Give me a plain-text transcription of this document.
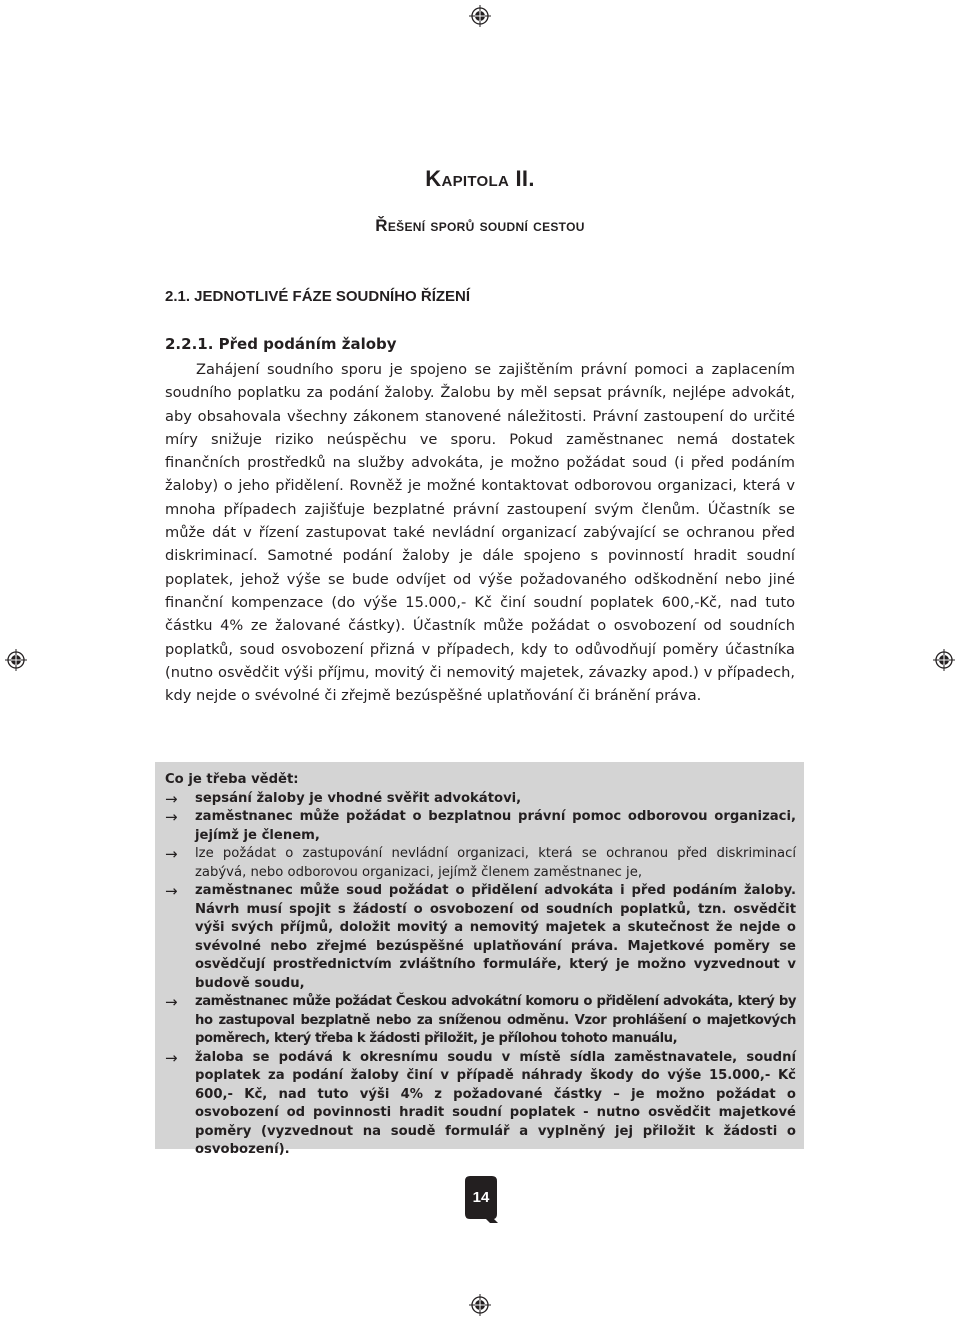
Kapitola II.
Řešení sporů soudní cestou
2.1. JEDNOTLIVÉ FÁZE SOUDNÍHO ŘÍZENÍ
2.2.1. Před podáním žaloby
Zahájení soudního sporu je spojeno se zajištěním právní pomoci a zaplacením soudního poplatku za podání žaloby. Žalobu by měl sepsat právník, nejlépe advokát, aby obsahovala všechny zákonem stanovené náležitosti. Právní zastoupení do určité míry snižuje riziko neúspěchu ve sporu. Pokud zaměstnanec nemá dostatek finančních prostředků na služby advokáta, je možno požádat soud (i před podáním žaloby) o jeho přidělení. Rovněž je možné kontaktovat odborovou organizaci, která v mnoha případech zajišťuje bezplatné právní zastoupení svým členům. Účastník se může dát v řízení zastupovat také nevládní organizací zabývající se ochranou před diskriminací. Samotné podání žaloby je dále spojeno s povinností hradit soudní poplatek, jehož výše se bude odvíjet od výše požadovaného odškodnění nebo jiné finanční kompenzace (do výše 15.000,- Kč činí soudní poplatek 600,-Kč, nad tuto částku 4% ze žalované částky). Účastník může požádat o osvobození od soudních poplatků, soud osvobození přizná v případech, kdy to odůvodňují poměry účastníka (nutno osvědčit výši příjmu, movitý či nemovitý majetek, závazky apod.) v případech, kdy nejde o svévolné či zřejmě bezúspěšné uplatňování či bránění práva.
Co je třeba vědět:
→	sepsání žaloby je vhodné svěřit advokátovi,
→	zaměstnanec může požádat o bezplatnou právní pomoc odborovou organizaci, jejímž je členem,
→	lze požádat o zastupování nevládní organizaci, která se ochranou před diskriminací zabývá, nebo odborovou organizaci, jejímž členem zaměstnanec je,
→	zaměstnanec může soud požádat o přidělení advokáta i před podáním žaloby. Návrh musí spojit s žádostí o osvobození od soudních poplatků, tzn. osvědčit výši svých příjmů, doložit movitý a nemovitý majetek a skutečnost že nejde o svévolné nebo zřejmé bezúspěšné uplatňování práva. Majetkové poměry se osvědčují prostřednictvím zvláštního formuláře, který je možno vyzvednout v budově soudu,
→	zaměstnanec může požádat Českou advokátní komoru o přidělení advokáta, který by ho zastupoval bezplatně nebo za sníženou odměnu. Vzor prohlášení o majetkových poměrech, který třeba k žádosti přiložit, je přílohou tohoto manuálu,
→	žaloba se podává k okresnímu soudu v místě sídla zaměstnavatele, soudní poplatek za podání žaloby činí v případě náhrady škody do výše 15.000,- Kč 600,- Kč, nad tuto výši 4% z požadované částky – je možno požádat o osvobození od povinnosti hradit soudní poplatek - nutno osvědčit majetkové poměry (vyzvednout na soudě formulář a vyplněný jej přiložit k žádosti o osvobození).
14
